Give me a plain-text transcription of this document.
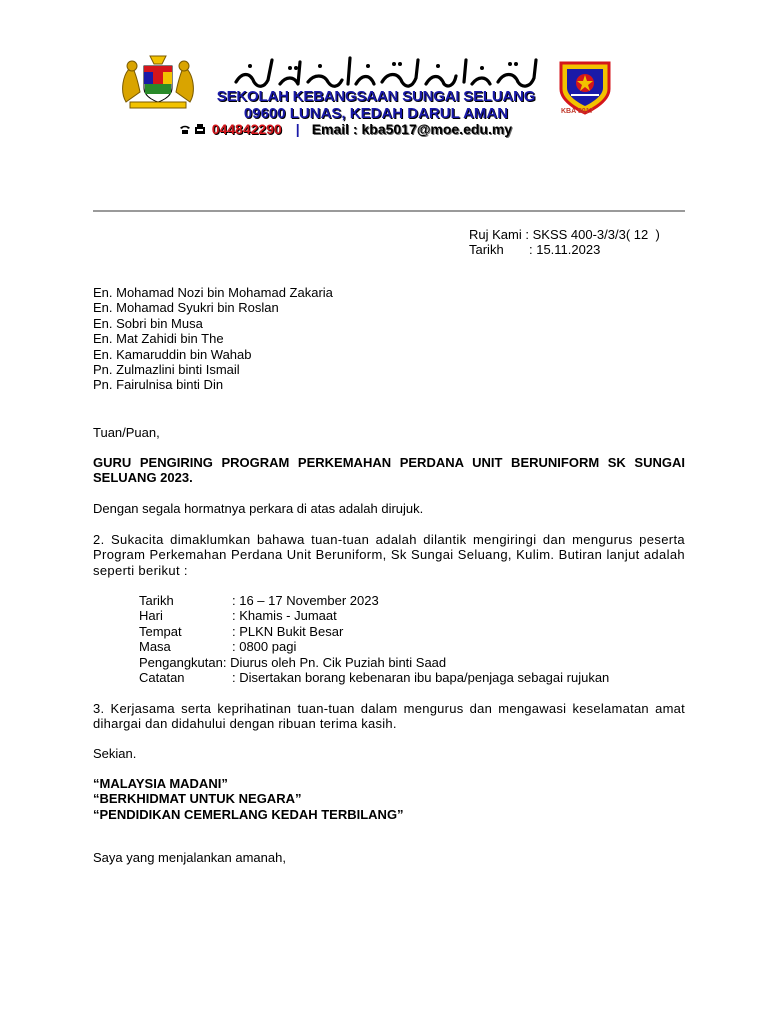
SEKOLAH KEBANGSAAN SUNGAI SELUANG
09600 LUNAS, KEDAH DARUL AMAN
044842290 | Email : kba5017@moe.edu.my
KBA 5017
Ruj Kami : SKSS 400-3/3/3( 12  )
Tarikh : 15.11.2023
En. Mohamad Nozi bin Mohamad Zakaria
En. Mohamad Syukri bin Roslan
En. Sobri bin Musa
En. Mat Zahidi bin The
En. Kamaruddin bin Wahab
Pn. Zulmazlini binti Ismail
Pn. Fairulnisa binti Din
Tuan/Puan,
GURU PENGIRING PROGRAM PERKEMAHAN PERDANA UNIT BERUNIFORM SK SUNGAI SELUANG 2023.
Dengan segala hormatnya perkara di atas adalah dirujuk.
2. Sukacita dimaklumkan bahawa tuan-tuan adalah dilantik mengiringi dan mengurus peserta Program Perkemahan Perdana Unit Beruniform, Sk Sungai Seluang, Kulim. Butiran lanjut adalah seperti berikut :
Tarikh	: 16 – 17 November 2023
Hari	: Khamis - Jumaat
Tempat	: PLKN Bukit Besar
Masa	: 0800 pagi
Pengangkutan: Diurus oleh Pn. Cik Puziah binti Saad
Catatan	: Disertakan borang kebenaran ibu bapa/penjaga sebagai rujukan
3. Kerjasama serta keprihatinan tuan-tuan dalam mengurus dan mengawasi keselamatan amat dihargai dan didahului dengan ribuan terima kasih.
Sekian.
“MALAYSIA MADANI”
“BERKHIDMAT UNTUK NEGARA”
“PENDIDIKAN CEMERLANG KEDAH TERBILANG”
Saya yang menjalankan amanah,
